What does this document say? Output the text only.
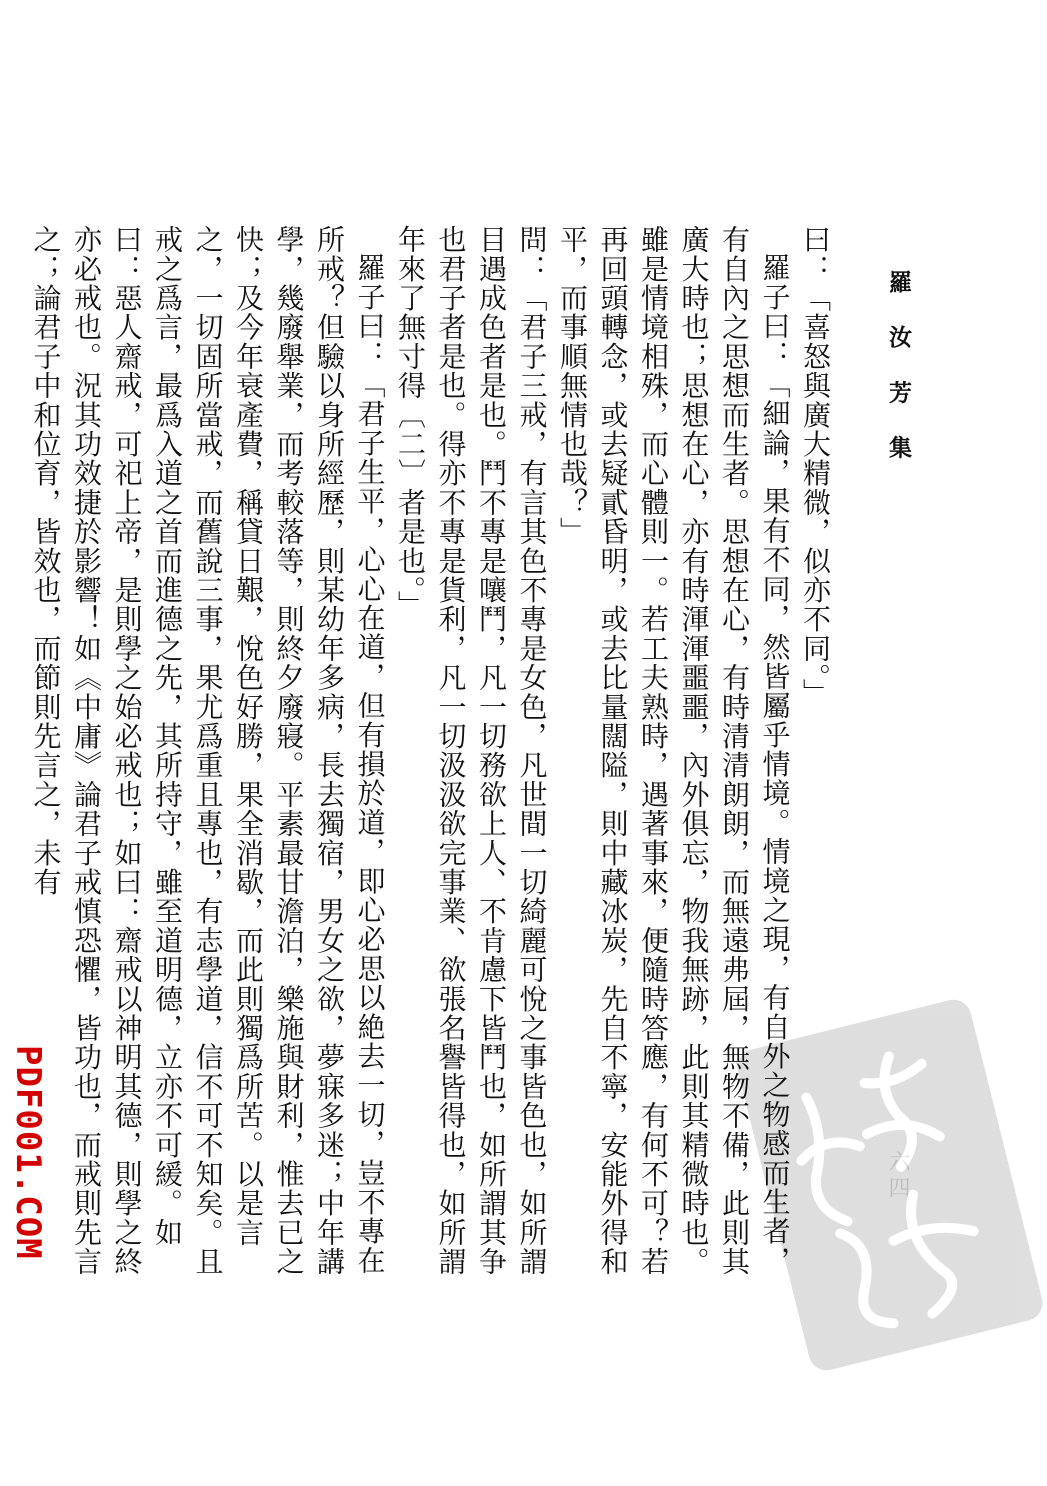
羅 汝 芳 集

曰：「喜怒與廣大精微，似亦不同。」

羅子曰：「細論，果有不同，然皆屬乎情境。情境之現，有自外之物感而生者，有自內之思想而生者。思想在心，有時清清朗朗，而無遠弗屆，無物不備，此則其廣大時也；思想在心，亦有時渾渾噩噩，內外俱忘，物我無跡，此則其精微時也。雖是情境相殊，而心體則一。若工夫熟時，遇著事來，便隨時答應，有何不可？若再回頭轉念，或去疑貳昏明，或去比量闊隘，則中藏冰炭，先自不寧，安能外得和平，而事順無情也哉？」

問：「君子三戒，有言其色不專是女色，凡世間一切綺麗可悅之事皆色也，如所謂目遇成色者是也。鬥不專是嚷鬥，凡一切務欲上人、不肯慮下皆鬥也，如所謂其争也君子者是也。得亦不專是貨利，凡一切汲汲欲完事業、欲張名譽皆得也，如所謂年來了無寸得〔二〕者是也。」

羅子曰：「君子生平，心心在道，但有損於道，即心必思以絶去一切，豈不專在所戒？但驗以身所經歷，則某幼年多病，長去獨宿，男女之欲，夢寐多迷；中年講學，幾廢舉業，而考較落等，則終夕廢寢。平素最甘澹泊，樂施與財利，惟去已之快；及今年衰產費，稱貸日艱，悅色好勝，果全消歇，而此則獨爲所苦。以是言之，一切固所當戒，而舊說三事，果尤爲重且專也，有志學道，信不可不知矣。且戒之爲言，最爲入道之首而進德之先，其所持守，雖至道明德，立亦不可緩。如曰：惡人齋戒，可祀上帝，是則學之始必戒也；如曰：齋戒以神明其德，則學之終亦必戒也。況其功效捷於影響！如《中庸》論君子戒慎恐懼，皆功也，而戒則先言之；論君子中和位育，皆效也，而節則先言之，未有

PDF001.COM
